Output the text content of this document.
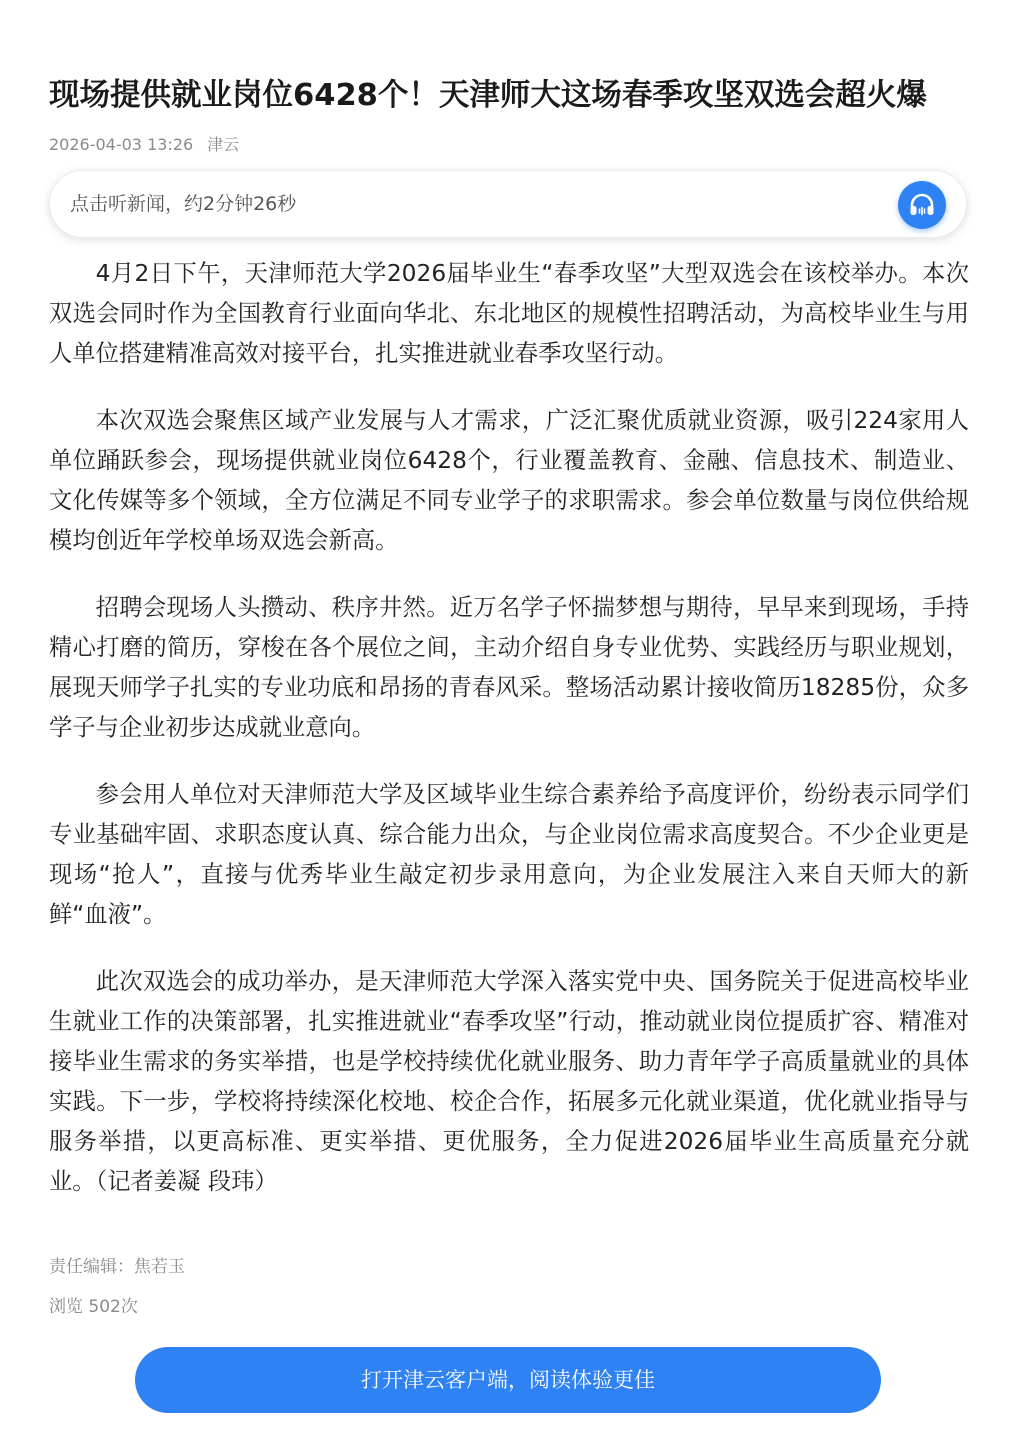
现场提供就业岗位6428个！天津师大这场春季攻坚双选会超火爆
2026-04-03 13:26 津云
点击听新闻，约2分钟26秒

4月2日下午，天津师范大学2026届毕业生“春季攻坚”大型双选会在该校举办。本次双选会同时作为全国教育行业面向华北、东北地区的规模性招聘活动，为高校毕业生与用人单位搭建精准高效对接平台，扎实推进就业春季攻坚行动。

本次双选会聚焦区域产业发展与人才需求，广泛汇聚优质就业资源，吸引224家用人单位踊跃参会，现场提供就业岗位6428个，行业覆盖教育、金融、信息技术、制造业、文化传媒等多个领域，全方位满足不同专业学子的求职需求。参会单位数量与岗位供给规模均创近年学校单场双选会新高。

招聘会现场人头攒动、秩序井然。近万名学子怀揣梦想与期待，早早来到现场，手持精心打磨的简历，穿梭在各个展位之间，主动介绍自身专业优势、实践经历与职业规划，展现天师学子扎实的专业功底和昂扬的青春风采。整场活动累计接收简历18285份，众多学子与企业初步达成就业意向。

参会用人单位对天津师范大学及区域毕业生综合素养给予高度评价，纷纷表示同学们专业基础牢固、求职态度认真、综合能力出众，与企业岗位需求高度契合。不少企业更是现场“抢人”，直接与优秀毕业生敲定初步录用意向，为企业发展注入来自天师大的新鲜“血液”。

此次双选会的成功举办，是天津师范大学深入落实党中央、国务院关于促进高校毕业生就业工作的决策部署，扎实推进就业“春季攻坚”行动，推动就业岗位提质扩容、精准对接毕业生需求的务实举措，也是学校持续优化就业服务、助力青年学子高质量就业的具体实践。下一步，学校将持续深化校地、校企合作，拓展多元化就业渠道，优化就业指导与服务举措，以更高标准、更实举措、更优服务，全力促进2026届毕业生高质量充分就业。（记者姜凝 段玮）

责任编辑：焦若玉
浏览 502次
打开津云客户端，阅读体验更佳
